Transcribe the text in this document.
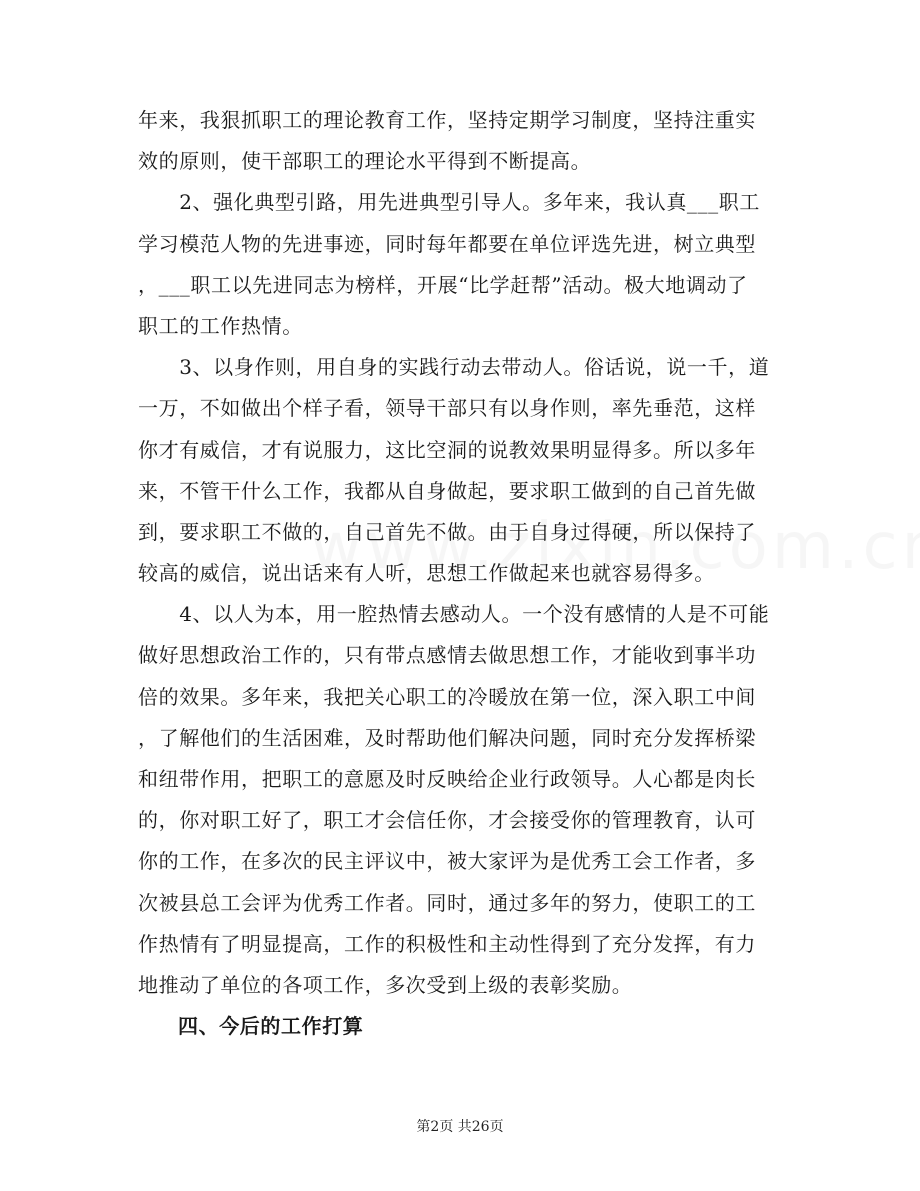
年来，我狠抓职工的理论教育工作，坚持定期学习制度，坚持注重实
效的原则，使干部职工的理论水平得到不断提高。
　　2、强化典型引路，用先进典型引导人。多年来，我认真___职工
学习模范人物的先进事迹，同时每年都要在单位评选先进，树立典型
，___职工以先进同志为榜样，开展“比学赶帮”活动。极大地调动了
职工的工作热情。
　　3、以身作则，用自身的实践行动去带动人。俗话说，说一千，道
一万，不如做出个样子看，领导干部只有以身作则，率先垂范，这样
你才有威信，才有说服力，这比空洞的说教效果明显得多。所以多年
来，不管干什么工作，我都从自身做起，要求职工做到的自己首先做
到，要求职工不做的，自己首先不做。由于自身过得硬，所以保持了
较高的威信，说出话来有人听，思想工作做起来也就容易得多。
　　4、以人为本，用一腔热情去感动人。一个没有感情的人是不可能
做好思想政治工作的，只有带点感情去做思想工作，才能收到事半功
倍的效果。多年来，我把关心职工的冷暖放在第一位，深入职工中间
，了解他们的生活困难，及时帮助他们解决问题，同时充分发挥桥梁
和纽带作用，把职工的意愿及时反映给企业行政领导。人心都是肉长
的，你对职工好了，职工才会信任你，才会接受你的管理教育，认可
你的工作，在多次的民主评议中，被大家评为是优秀工会工作者，多
次被县总工会评为优秀工作者。同时，通过多年的努力，使职工的工
作热情有了明显提高，工作的积极性和主动性得到了充分发挥，有力
地推动了单位的各项工作，多次受到上级的表彰奖励。
四、今后的工作打算
第2页 共26页
